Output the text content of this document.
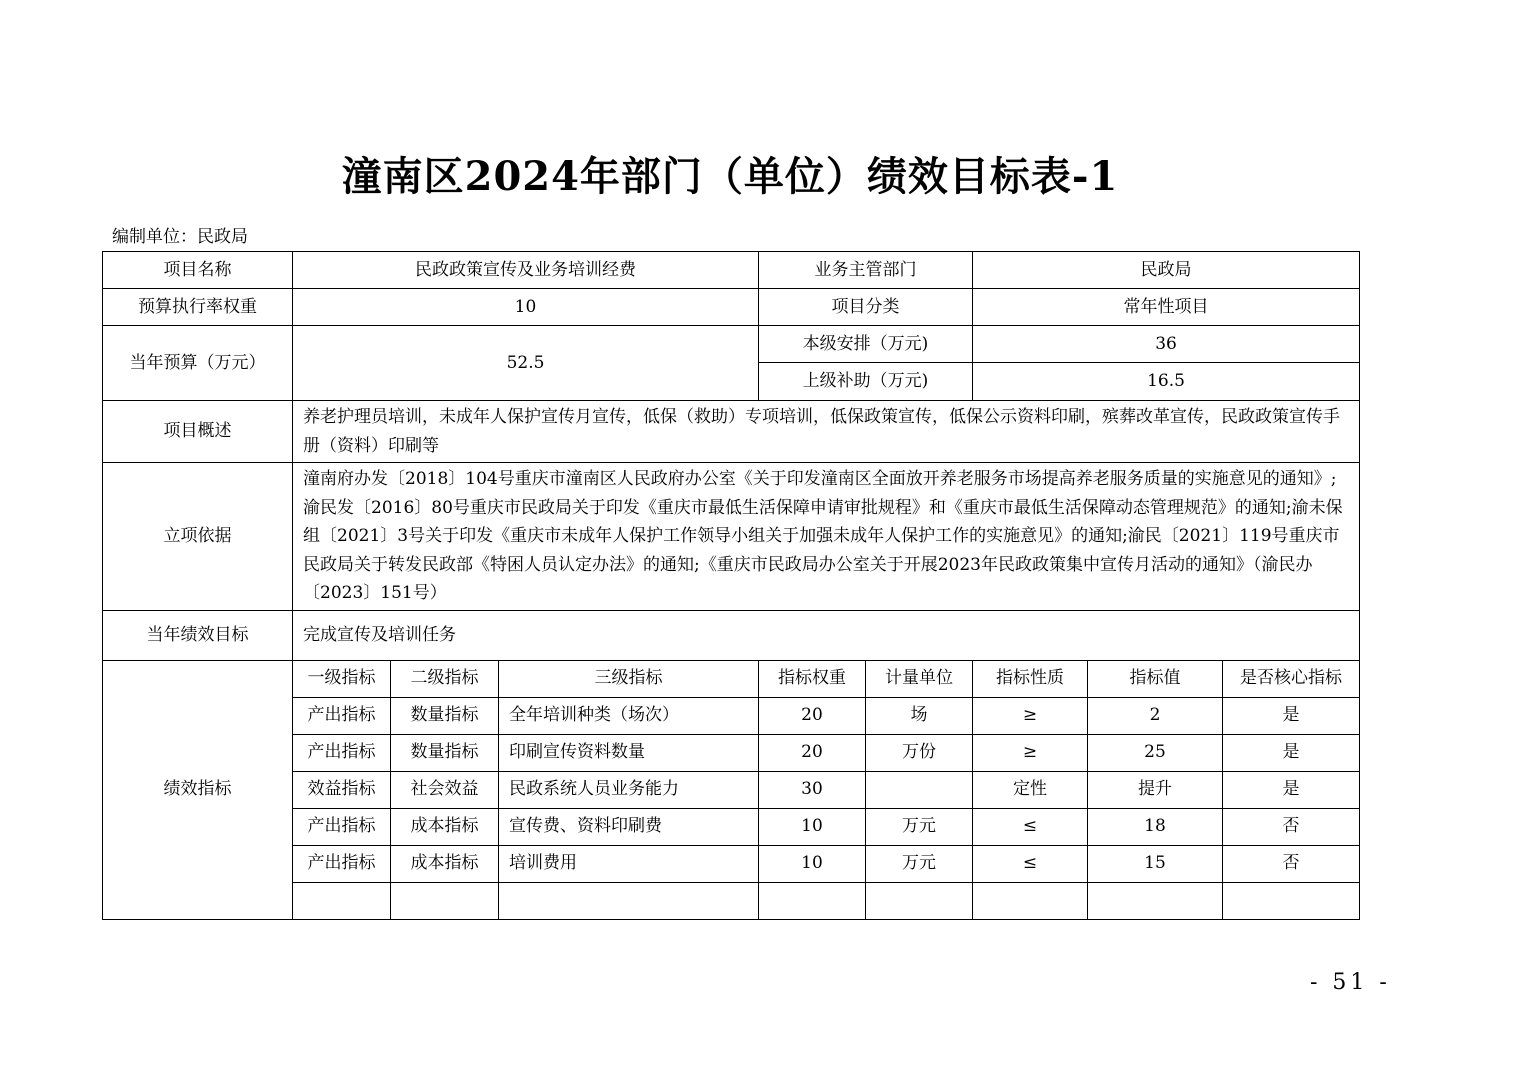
潼南区2024年部门（单位）绩效目标表-1
编制单位：民政局
项目名称	民政政策宣传及业务培训经费			业务主管部门		民政局		
预算执行率权重	10			项目分类		常年性项目		
当年预算（万元）	52.5			本级安排（万元)		36		
				上级补助（万元)		16.5		
项目概述	养老护理员培训，未成年人保护宣传月宣传，低保（救助）专项培训，低保政策宣传，低保公示资料印刷，殡葬改革宣传，民政政策宣传手册（资料）印刷等							
立项依据	潼南府办发〔2018〕104号重庆市潼南区人民政府办公室《关于印发潼南区全面放开养老服务市场提高养老服务质量的实施意见的通知》;渝民发〔2016〕80号重庆市民政局关于印发《重庆市最低生活保障申请审批规程》和《重庆市最低生活保障动态管理规范》的通知;渝未保组〔2021〕3号关于印发《重庆市未成年人保护工作领导小组关于加强未成年人保护工作的实施意见》的通知;渝民〔2021〕119号重庆市民政局关于转发民政部《特困人员认定办法》的通知;《重庆市民政局办公室关于开展2023年民政政策集中宣传月活动的通知》（渝民办〔2023〕151号）							
当年绩效目标	完成宣传及培训任务							
绩效指标	一级指标	二级指标	三级指标	指标权重	计量单位	指标性质	指标值	是否核心指标
	产出指标	数量指标	全年培训种类（场次）	20	场	≥	2	是
	产出指标	数量指标	印刷宣传资料数量	20	万份	≥	25	是
	效益指标	社会效益	民政系统人员业务能力	30		定性	提升	是
	产出指标	成本指标	宣传费、资料印刷费	10	万元	≤	18	否
	产出指标	成本指标	培训费用	10	万元	≤	15	否

- 51 -
